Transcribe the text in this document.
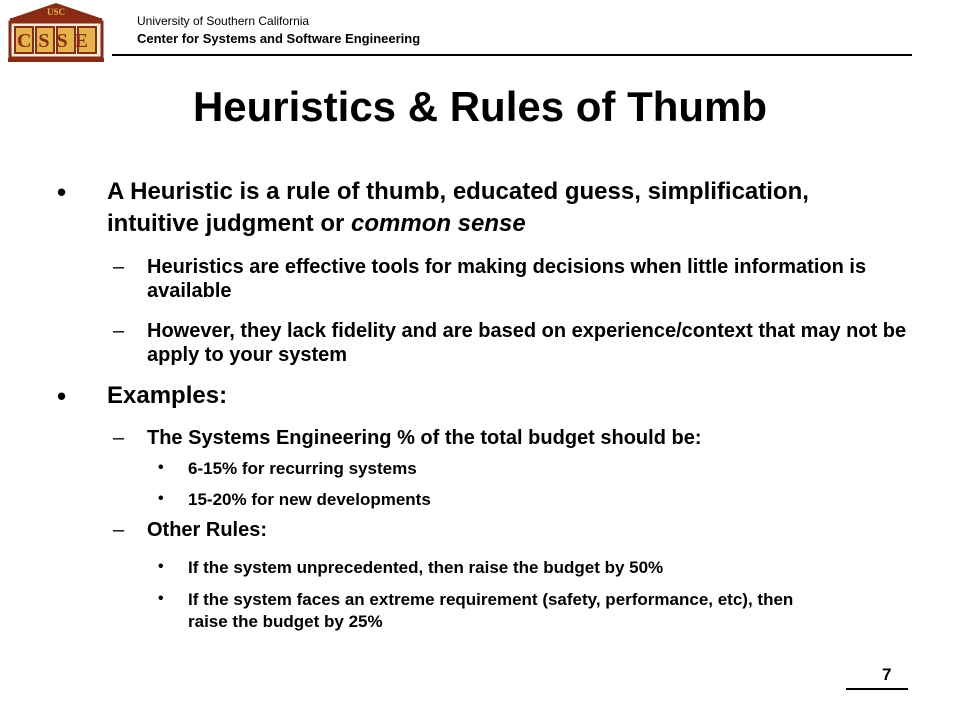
USC
CSSE
University of Southern California
Center for Systems and Software Engineering
Heuristics & Rules of Thumb
• A Heuristic is a rule of thumb, educated guess, simplification, intuitive judgment or common sense
– Heuristics are effective tools for making decisions when little information is available
– However, they lack fidelity and are based on experience/context that may not be apply to your system
• Examples:
– The Systems Engineering % of the total budget should be:
• 6-15% for recurring systems
• 15-20% for new developments
– Other Rules:
• If the system unprecedented, then raise the budget by 50%
• If the system faces an extreme requirement (safety, performance, etc), then raise the budget by 25%
7
